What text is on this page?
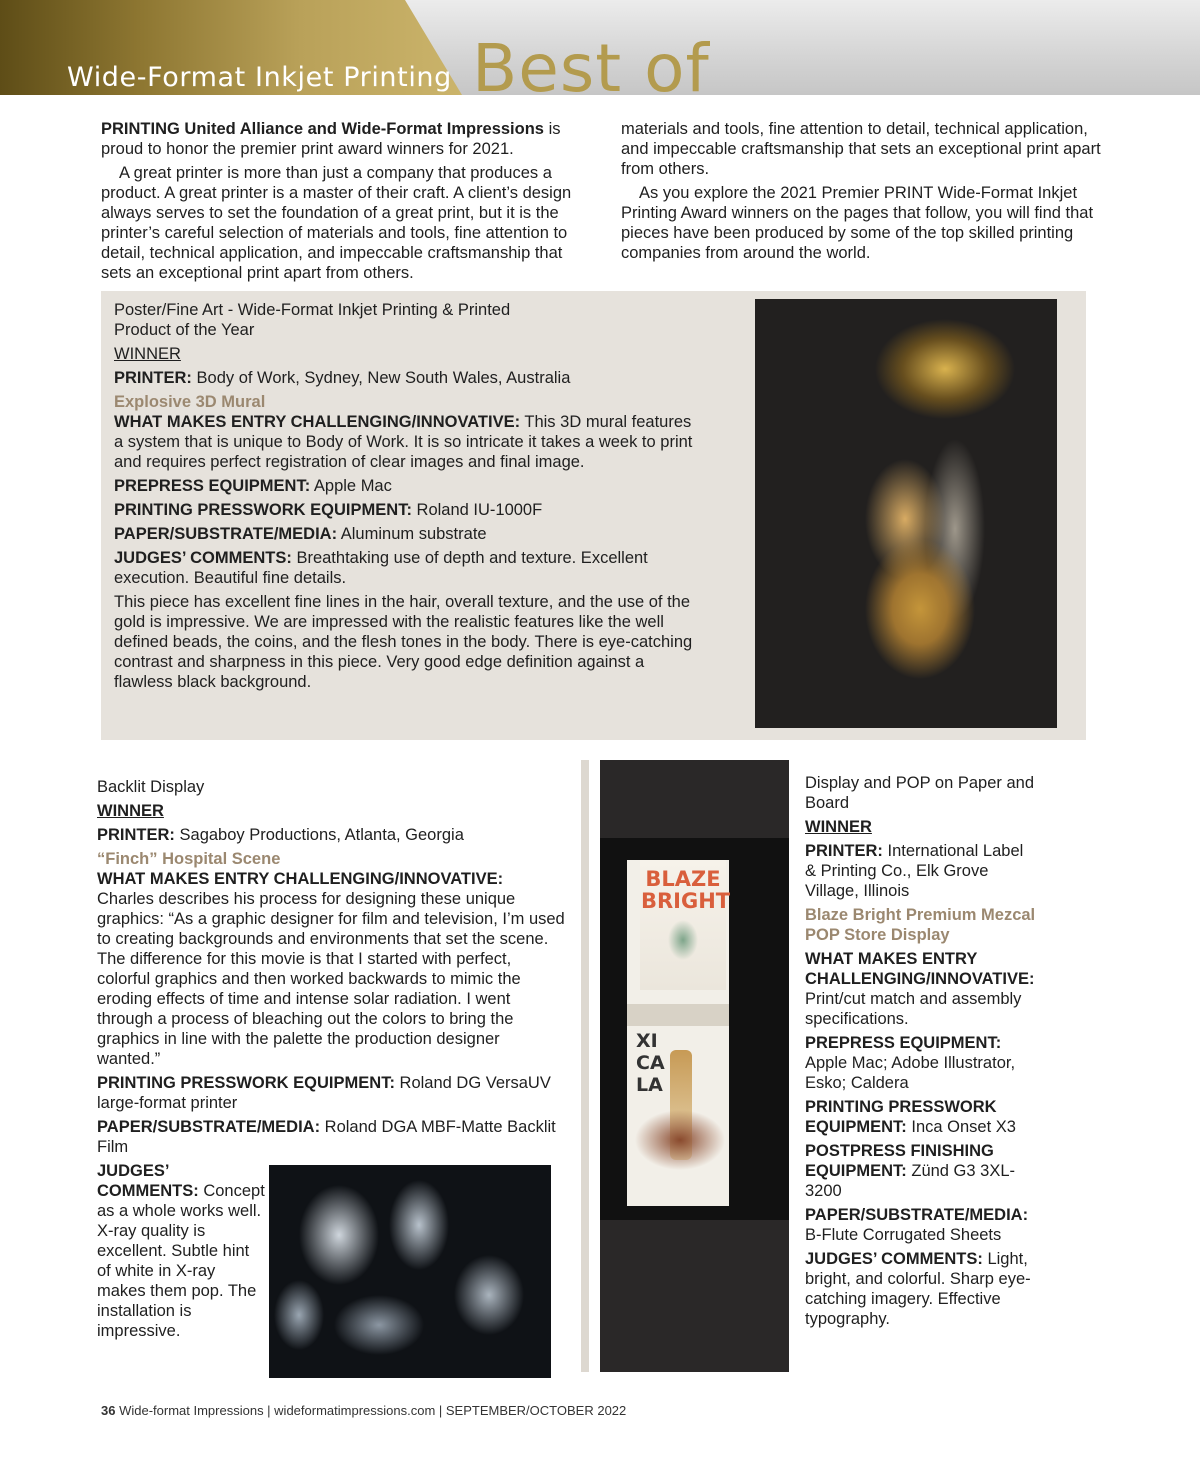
Wide-Format Inkjet Printing Best of

PRINTING United Alliance and Wide-Format Impressions is proud to honor the premier print award winners for 2021.

A great printer is more than just a company that produces a product. A great printer is a master of their craft. A client’s design always serves to set the foundation of a great print, but it is the printer’s careful selection of materials and tools, fine attention to detail, technical application, and impeccable craftsmanship that sets an exceptional print apart from others.

materials and tools, fine attention to detail, technical application, and impeccable craftsmanship that sets an exceptional print apart from others.

As you explore the 2021 Premier PRINT Wide-Format Inkjet Printing Award winners on the pages that follow, you will find that pieces have been produced by some of the top skilled printing companies from around the world.

Poster/Fine Art - Wide-Format Inkjet Printing & Printed Product of the Year

WINNER

PRINTER: Body of Work, Sydney, New South Wales, Australia

Explosive 3D Mural

WHAT MAKES ENTRY CHALLENGING/INNOVATIVE: This 3D mural features a system that is unique to Body of Work. It is so intricate it takes a week to print and requires perfect registration of clear images and final image.

PREPRESS EQUIPMENT: Apple Mac

PRINTING PRESSWORK EQUIPMENT: Roland IU-1000F

PAPER/SUBSTRATE/MEDIA: Aluminum substrate

JUDGES’ COMMENTS: Breathtaking use of depth and texture. Excellent execution. Beautiful fine details.

This piece has excellent fine lines in the hair, overall texture, and the use of the gold is impressive. We are impressed with the realistic features like the well defined beads, the coins, and the flesh tones in the body. There is eye-catching contrast and sharpness in this piece. Very good edge definition against a flawless black background.

Backlit Display

WINNER

PRINTER: Sagaboy Productions, Atlanta, Georgia

“Finch” Hospital Scene

WHAT MAKES ENTRY CHALLENGING/INNOVATIVE:

Charles describes his process for designing these unique graphics: “As a graphic designer for film and television, I’m used to creating backgrounds and environments that set the scene. The difference for this movie is that I started with perfect, colorful graphics and then worked backwards to mimic the eroding effects of time and intense solar radiation. I went through a process of bleaching out the colors to bring the graphics in line with the palette the production designer wanted.”

PRINTING PRESSWORK EQUIPMENT: Roland DG VersaUV large-format printer

PAPER/SUBSTRATE/MEDIA: Roland DGA MBF-Matte Backlit Film

JUDGES’ COMMENTS: Concept as a whole works well. X-ray quality is excellent. Subtle hint of white in X-ray makes them pop. The installation is impressive.

BLAZE BRIGHT
XI CA LA

Display and POP on Paper and Board

WINNER

PRINTER: International Label & Printing Co., Elk Grove Village, Illinois

Blaze Bright Premium Mezcal POP Store Display

WHAT MAKES ENTRY CHALLENGING/INNOVATIVE: Print/cut match and assembly specifications.

PREPRESS EQUIPMENT: Apple Mac; Adobe Illustrator, Esko; Caldera

PRINTING PRESSWORK EQUIPMENT: Inca Onset X3

POSTPRESS FINISHING EQUIPMENT: Zünd G3 3XL-3200

PAPER/SUBSTRATE/MEDIA: B-Flute Corrugated Sheets

JUDGES’ COMMENTS: Light, bright, and colorful. Sharp eye-catching imagery. Effective typography.

36 Wide-format Impressions | wideformatimpressions.com | SEPTEMBER/OCTOBER 2022
